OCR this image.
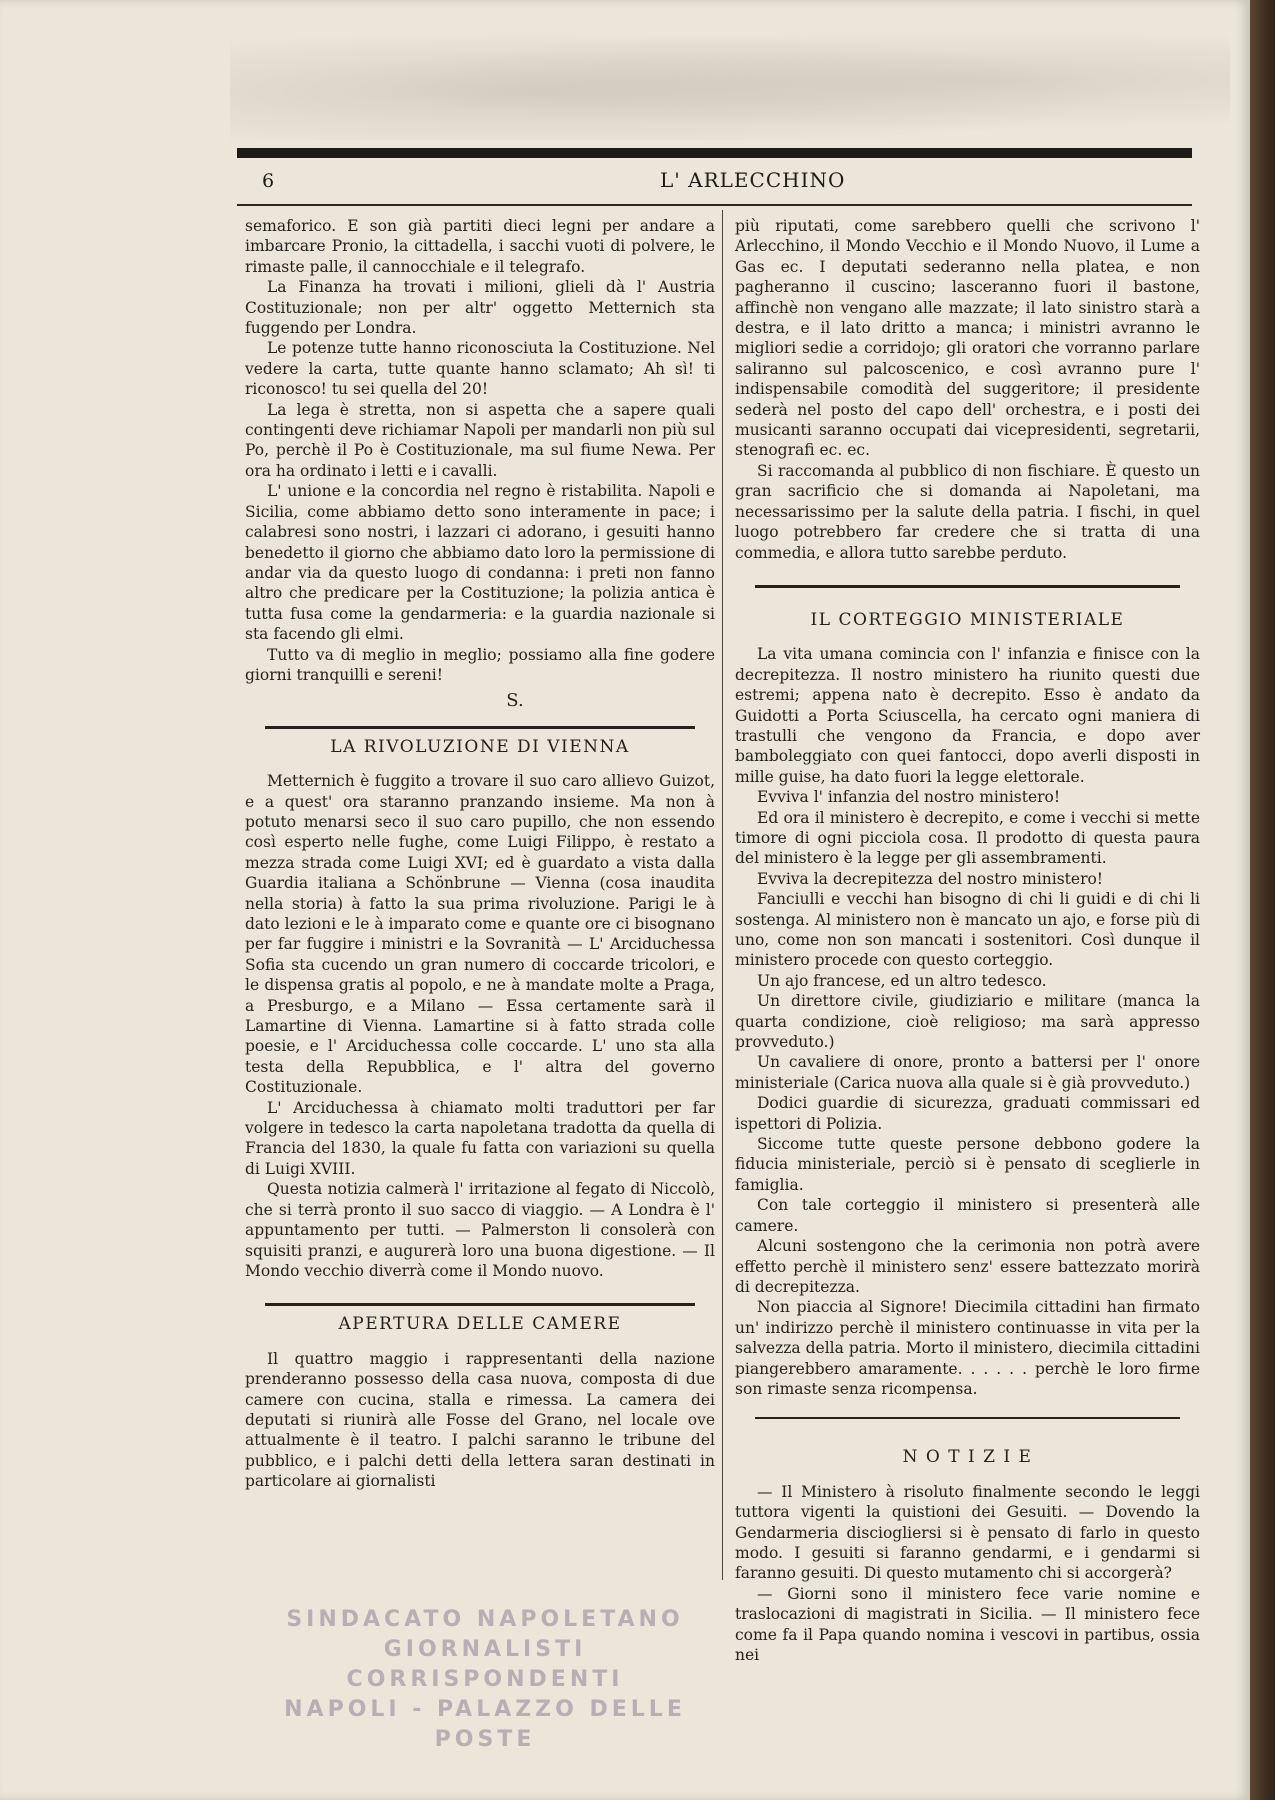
6	L' ARLECCHINO

semaforico. E son già partiti dieci legni per andare a imbarcare Pronio, la cittadella, i sacchi vuoti di polvere, le rimaste palle, il cannocchiale e il telegrafo.

La Finanza ha trovati i milioni, glieli dà l' Austria Costituzionale; non per altr' oggetto Metternich sta fuggendo per Londra.

Le potenze tutte hanno riconosciuta la Costituzione. Nel vedere la carta, tutte quante hanno sclamato; Ah sì! ti riconosco! tu sei quella del 20!

La lega è stretta, non si aspetta che a sapere quali contingenti deve richiamar Napoli per mandarli non più sul Po, perchè il Po è Costituzionale, ma sul fiume Newa. Per ora ha ordinato i letti e i cavalli.

L' unione e la concordia nel regno è ristabilita. Napoli e Sicilia, come abbiamo detto sono interamente in pace; i calabresi sono nostri, i lazzari ci adorano, i gesuiti hanno benedetto il giorno che abbiamo dato loro la permissione di andar via da questo luogo di condanna: i preti non fanno altro che predicare per la Costituzione; la polizia antica è tutta fusa come la gendarmeria: e la guardia nazionale si sta facendo gli elmi.

Tutto va di meglio in meglio; possiamo alla fine godere giorni tranquilli e sereni!

S.
LA RIVOLUZIONE DI VIENNA

Metternich è fuggito a trovare il suo caro allievo Guizot, e a quest' ora staranno pranzando insieme. Ma non à potuto menarsi seco il suo caro pupillo, che non essendo così esperto nelle fughe, come Luigi Filippo, è restato a mezza strada come Luigi XVI; ed è guardato a vista dalla Guardia italiana a Schönbrune — Vienna (cosa inaudita nella storia) à fatto la sua prima rivoluzione. Parigi le à dato lezioni e le à imparato come e quante ore ci bisognano per far fuggire i ministri e la Sovranità — L' Arciduchessa Sofia sta cucendo un gran numero di coccarde tricolori, e le dispensa gratis al popolo, e ne à mandate molte a Praga, a Presburgo, e a Milano — Essa certamente sarà il Lamartine di Vienna. Lamartine si à fatto strada colle poesie, e l' Arciduchessa colle coccarde. L' uno sta alla testa della Repubblica, e l' altra del governo Costituzionale.

L' Arciduchessa à chiamato molti traduttori per far volgere in tedesco la carta napoletana tradotta da quella di Francia del 1830, la quale fu fatta con variazioni su quella di Luigi XVIII.

Questa notizia calmerà l' irritazione al fegato di Niccolò, che si terrà pronto il suo sacco di viaggio. — A Londra è l' appuntamento per tutti. — Palmerston li consolerà con squisiti pranzi, e augurerà loro una buona digestione. — Il Mondo vecchio diverrà come il Mondo nuovo.

APERTURA DELLE CAMERE

Il quattro maggio i rappresentanti della nazione prenderanno possesso della casa nuova, composta di due camere con cucina, stalla e rimessa. La camera dei deputati si riunirà alle Fosse del Grano, nel locale ove attualmente è il teatro. I palchi saranno le tribune del pubblico, e i palchi detti della lettera saran destinati in particolare ai giornalisti

più riputati, come sarebbero quelli che scrivono l' Arlecchino, il Mondo Vecchio e il Mondo Nuovo, il Lume a Gas ec. I deputati sederanno nella platea, e non pagheranno il cuscino; lasceranno fuori il bastone, affinchè non vengano alle mazzate; il lato sinistro starà a destra, e il lato dritto a manca; i ministri avranno le migliori sedie a corridojo; gli oratori che vorranno parlare saliranno sul palcoscenico, e così avranno pure l' indispensabile comodità del suggeritore; il presidente sederà nel posto del capo dell' orchestra, e i posti dei musicanti saranno occupati dai vicepresidenti, segretarii, stenografi ec. ec.

Si raccomanda al pubblico di non fischiare. È questo un gran sacrificio che si domanda ai Napoletani, ma necessarissimo per la salute della patria. I fischi, in quel luogo potrebbero far credere che si tratta di una commedia, e allora tutto sarebbe perduto.

IL CORTEGGIO MINISTERIALE

La vita umana comincia con l' infanzia e finisce con la decrepitezza. Il nostro ministero ha riunito questi due estremi; appena nato è decrepito. Esso è andato da Guidotti a Porta Sciuscella, ha cercato ogni maniera di trastulli che vengono da Francia, e dopo aver bamboleggiato con quei fantocci, dopo averli disposti in mille guise, ha dato fuori la legge elettorale.

Evviva l' infanzia del nostro ministero!

Ed ora il ministero è decrepito, e come i vecchi si mette timore di ogni picciola cosa. Il prodotto di questa paura del ministero è la legge per gli assembramenti.

Evviva la decrepitezza del nostro ministero!

Fanciulli e vecchi han bisogno di chi li guidi e di chi li sostenga. Al ministero non è mancato un ajo, e forse più di uno, come non son mancati i sostenitori. Così dunque il ministero procede con questo corteggio.

Un ajo francese, ed un altro tedesco.

Un direttore civile, giudiziario e militare (manca la quarta condizione, cioè religioso; ma sarà appresso provveduto.)

Un cavaliere di onore, pronto a battersi per l' onore ministeriale (Carica nuova alla quale si è già provveduto.)

Dodici guardie di sicurezza, graduati commissari ed ispettori di Polizia.

Siccome tutte queste persone debbono godere la fiducia ministeriale, perciò si è pensato di sceglierle in famiglia.

Con tale corteggio il ministero si presenterà alle camere.

Alcuni sostengono che la cerimonia non potrà avere effetto perchè il ministero senz' essere battezzato morirà di decrepitezza.

Non piaccia al Signore! Diecimila cittadini han firmato un' indirizzo perchè il ministero continuasse in vita per la salvezza della patria. Morto il ministero, diecimila cittadini piangerebbero amaramente. . . . . . perchè le loro firme son rimaste senza ricompensa.

N O T I Z I E

— Il Ministero à risoluto finalmente secondo le leggi tuttora vigenti la quistioni dei Gesuiti. — Dovendo la Gendarmeria disciogliersi si è pensato di farlo in questo modo. I gesuiti si faranno gendarmi, e i gendarmi si faranno gesuiti. Di questo mutamento chi si accorgerà?

— Giorni sono il ministero fece varie nomine e traslocazioni di magistrati in Sicilia. — Il ministero fece come fa il Papa quando nomina i vescovi in partibus, ossia nei

SINDACATO NAPOLETANO
GIORNALISTI CORRISPONDENTI
NAPOLI - PALAZZO DELLE POSTE
